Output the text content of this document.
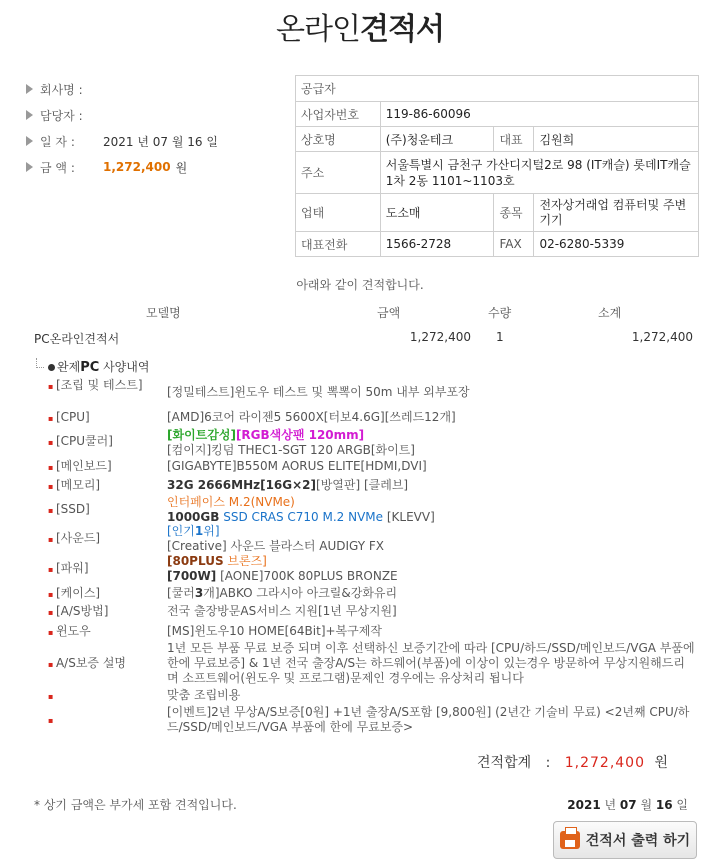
온라인견적서
회사명 :
담당자 :
일 자 :	2021 년 07 월 16 일
금 액 :	1,272,400 원
공급자			
사업자번호	119-86-60096		
상호명	(주)청운테크	대표	김원희
주소	서울특별시 금천구 가산디지털2로 98 (IT캐슬) 롯데IT캐슬 1차 2동 1101~1103호		
업태	도소매	종목	전자상거래업 컴퓨터및 주변기기
대표전화	1566-2728	FAX	02-6280-5339
아래와 같이 견적합니다.
모델명	금액	수량	소계
PC온라인견적서	1,272,400 1	1,272,400
완제PC 사양내역
▪ [조립 및 테스트]	[정밀테스트]윈도우 테스트 및 뽁뽁이 50m 내부 외부포장
▪ [CPU]	[AMD]6코어 라이젠5 5600X[터보4.6G][쓰레드12개]
▪ [CPU쿨러]	[화이트감성][RGB색상팬 120mm]
[컴이지]킹덤 THEC1-SGT 120 ARGB[화이트]
▪ [메인보드]	[GIGABYTE]B550M AORUS ELITE[HDMI,DVI]
▪ [메모리]	32G 2666MHz[16G×2][방열판] [클레브]
▪ [SSD]	인터페이스 M.2(NVMe)
1000GB SSD CRAS C710 M.2 NVMe [KLEVV]
▪ [사운드]	[인기1위]
[Creative] 사운드 블라스터 AUDIGY FX
▪ [파워]	[80PLUS 브론즈]
[700W] [AONE]700K 80PLUS BRONZE
▪ [케이스]	[쿨러3개]ABKO 그라시아 아크릴&강화유리
▪ [A/S방법]	전국 출장방문AS서비스 지원[1년 무상지원]
▪ 윈도우	[MS]윈도우10 HOME[64Bit]+복구제작
▪ A/S보증 설명
1년 모든 부품 무료 보증 되며 이후 선택하신 보증기간에 따라 [CPU/하드/SSD/메인보드/VGA 부품에 한에 무료보증] & 1년 전국 출장A/S는 하드웨어(부품)에 이상이 있는경우 방문하여 무상지원해드리며 소프트웨어(윈도우 및 프로그램)문제인 경우에는 유상처리 됩니다
▪
맞춤 조립비용
▪
[이벤트]2년 무상A/S보증[0원] +1년 출장A/S포함 [9,800원] (2년간 기술비 무료) <2년째 CPU/하드/SSD/메인보드/VGA 부품에 한에 무료보증>
견적합계 : 1,272,400 원
* 상기 금액은 부가세 포함 견적입니다.	2021 년 07 월 16 일
견적서 출력 하기
